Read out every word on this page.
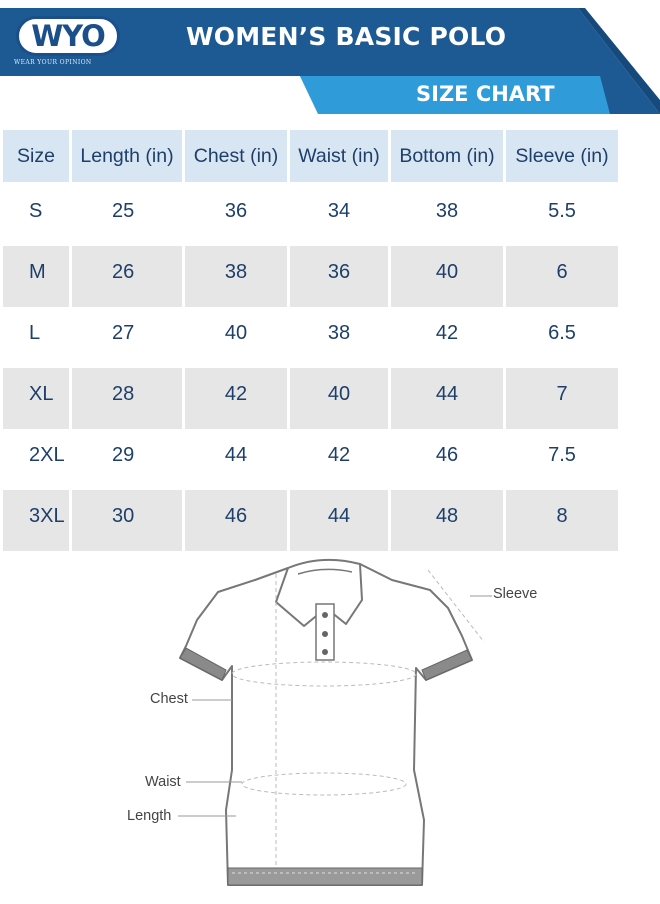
WYO
WEAR YOUR OPINION
WOMEN’S BASIC POLO
SIZE CHART
Size	Length (in)	Chest (in)	Waist (in)	Bottom (in)	Sleeve (in)
S	25	36	34	38	5.5
M	26	38	36	40	6
L	27	40	38	42	6.5
XL	28	42	40	44	7
2XL	29	44	42	46	7.5
3XL	30	46	44	48	8
Sleeve
Chest
Waist
Length
